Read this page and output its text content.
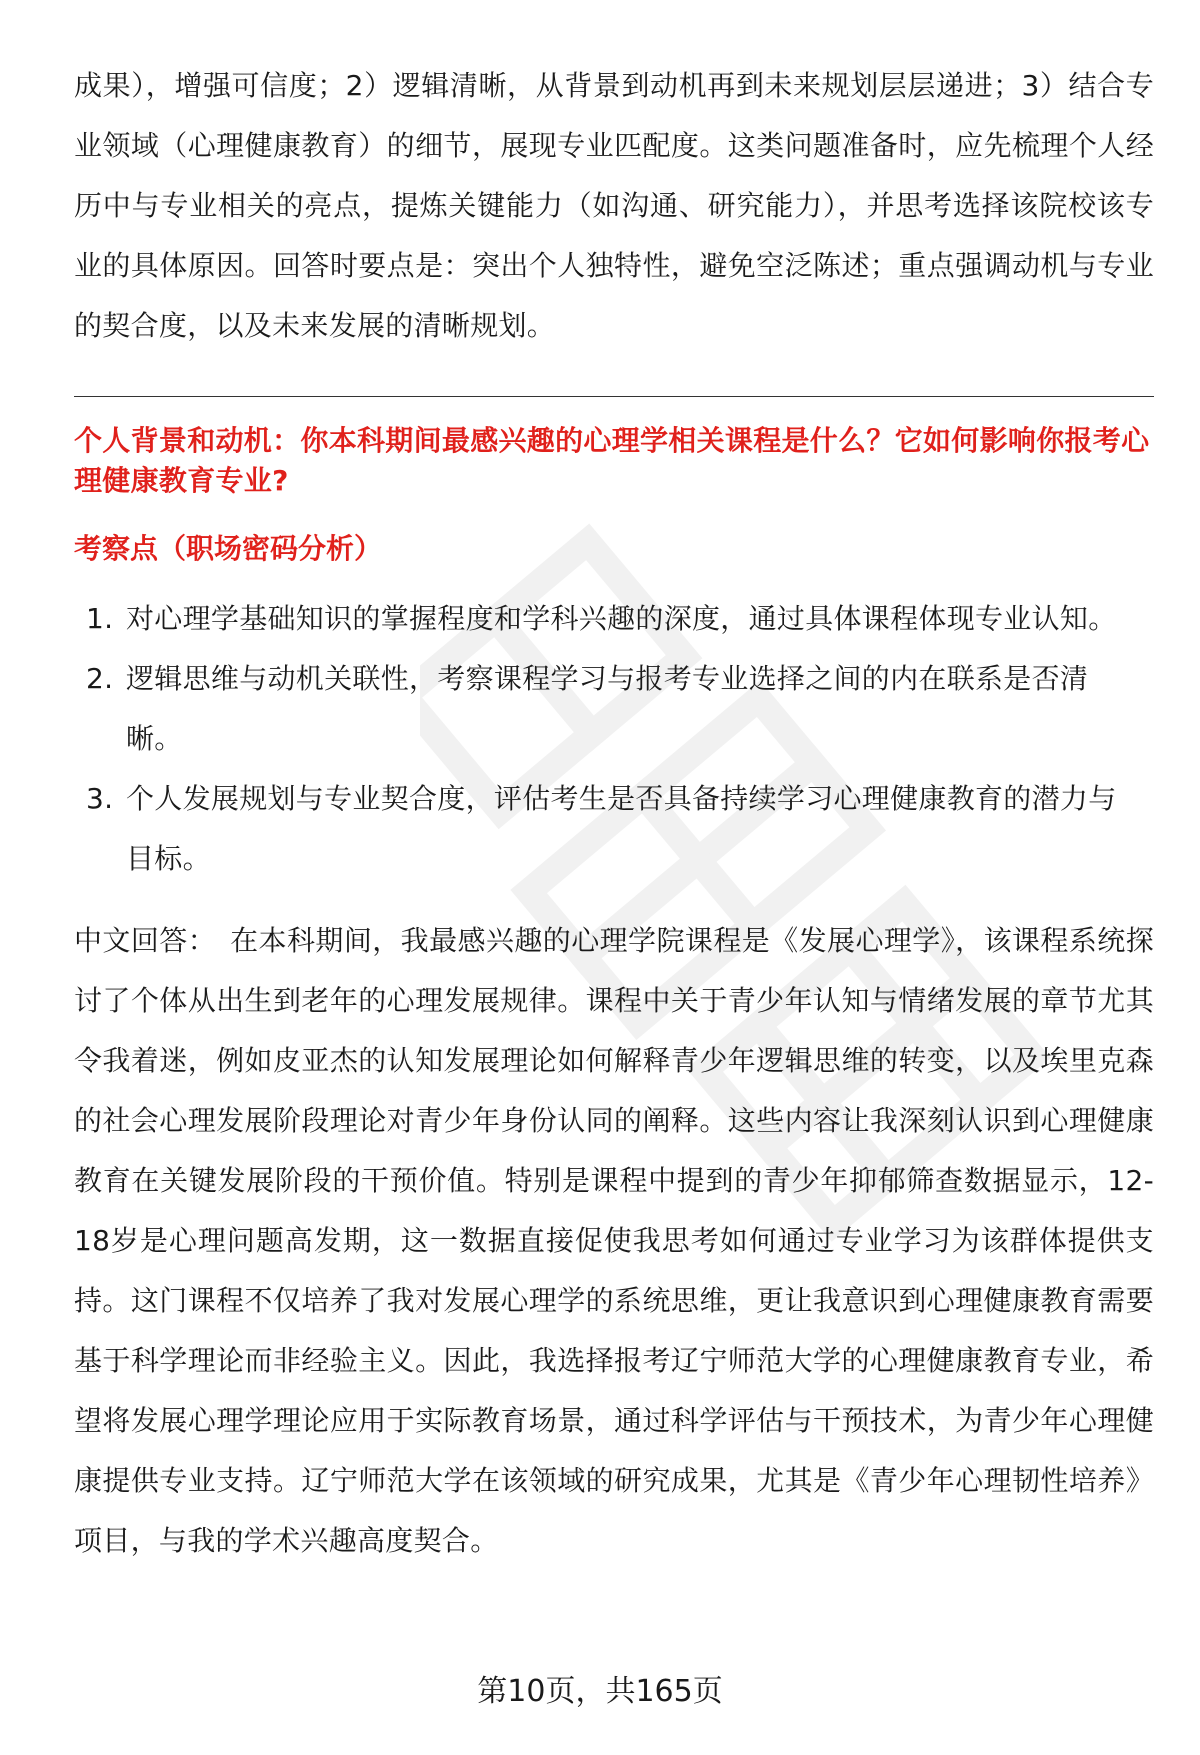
成果），增强可信度；2）逻辑清晰，从背景到动机再到未来规划层层递进；3）结合专业领域（心理健康教育）的细节，展现专业匹配度。这类问题准备时，应先梳理个人经历中与专业相关的亮点，提炼关键能力（如沟通、研究能力），并思考选择该院校该专业的具体原因。回答时要点是：突出个人独特性，避免空泛陈述；重点强调动机与专业的契合度，以及未来发展的清晰规划。

个人背景和动机：你本科期间最感兴趣的心理学相关课程是什么？它如何影响你报考心理健康教育专业?

考察点（职场密码分析）
1. 对心理学基础知识的掌握程度和学科兴趣的深度，通过具体课程体现专业认知。
2. 逻辑思维与动机关联性，考察课程学习与报考专业选择之间的内在联系是否清晰。
3. 个人发展规划与专业契合度，评估考生是否具备持续学习心理健康教育的潜力与目标。

中文回答： 在本科期间，我最感兴趣的心理学院课程是《发展心理学》，该课程系统探讨了个体从出生到老年的心理发展规律。课程中关于青少年认知与情绪发展的章节尤其令我着迷，例如皮亚杰的认知发展理论如何解释青少年逻辑思维的转变，以及埃里克森的社会心理发展阶段理论对青少年身份认同的阐释。这些内容让我深刻认识到心理健康教育在关键发展阶段的干预价值。特别是课程中提到的青少年抑郁筛查数据显示，12-18岁是心理问题高发期，这一数据直接促使我思考如何通过专业学习为该群体提供支持。这门课程不仅培养了我对发展心理学的系统思维，更让我意识到心理健康教育需要基于科学理论而非经验主义。因此，我选择报考辽宁师范大学的心理健康教育专业，希望将发展心理学理论应用于实际教育场景，通过科学评估与干预技术，为青少年心理健康提供专业支持。辽宁师范大学在该领域的研究成果，尤其是《青少年心理韧性培养》项目，与我的学术兴趣高度契合。

第10页，共165页
